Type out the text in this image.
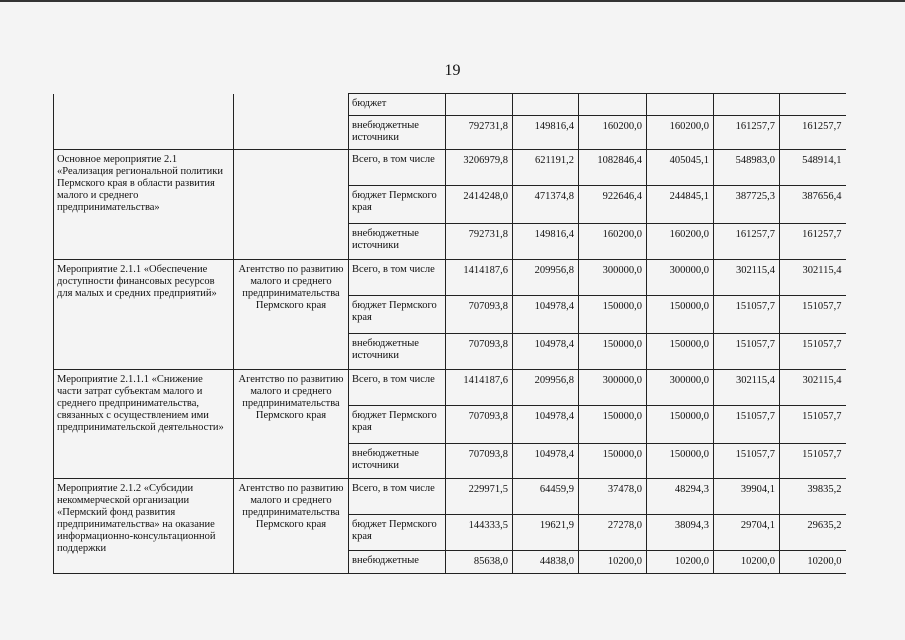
19
		бюджет						
		внебюджетные источники	792731,8	149816,4	160200,0	160200,0	161257,7	161257,7
Основное мероприятие 2.1 «Реализация региональной политики Пермского края в области развития малого и среднего предпринимательства»		Всего, в том числе	3206979,8	621191,2	1082846,4	405045,1	548983,0	548914,1
		бюджет Пермского края	2414248,0	471374,8	922646,4	244845,1	387725,3	387656,4
		внебюджетные источники	792731,8	149816,4	160200,0	160200,0	161257,7	161257,7
Мероприятие 2.1.1 «Обеспечение доступности финансовых ресурсов для малых и средних предприятий»	Агентство по развитию малого и среднего предпринимательства Пермского края	Всего, в том числе	1414187,6	209956,8	300000,0	300000,0	302115,4	302115,4
		бюджет Пермского края	707093,8	104978,4	150000,0	150000,0	151057,7	151057,7
		внебюджетные источники	707093,8	104978,4	150000,0	150000,0	151057,7	151057,7
Мероприятие 2.1.1.1 «Снижение части затрат субъектам малого и среднего предпринимательства, связанных с осуществлением ими предпринимательской деятельности»	Агентство по развитию малого и среднего предпринимательства Пермского края	Всего, в том числе	1414187,6	209956,8	300000,0	300000,0	302115,4	302115,4
		бюджет Пермского края	707093,8	104978,4	150000,0	150000,0	151057,7	151057,7
		внебюджетные источники	707093,8	104978,4	150000,0	150000,0	151057,7	151057,7
Мероприятие 2.1.2 «Субсидии некоммерческой организации «Пермский фонд развития предпринимательства» на оказание информационно-консультационной поддержки	Агентство по развитию малого и среднего предпринимательства Пермского края	Всего, в том числе	229971,5	64459,9	37478,0	48294,3	39904,1	39835,2
		бюджет Пермского края	144333,5	19621,9	27278,0	38094,3	29704,1	29635,2
		внебюджетные	85638,0	44838,0	10200,0	10200,0	10200,0	10200,0
